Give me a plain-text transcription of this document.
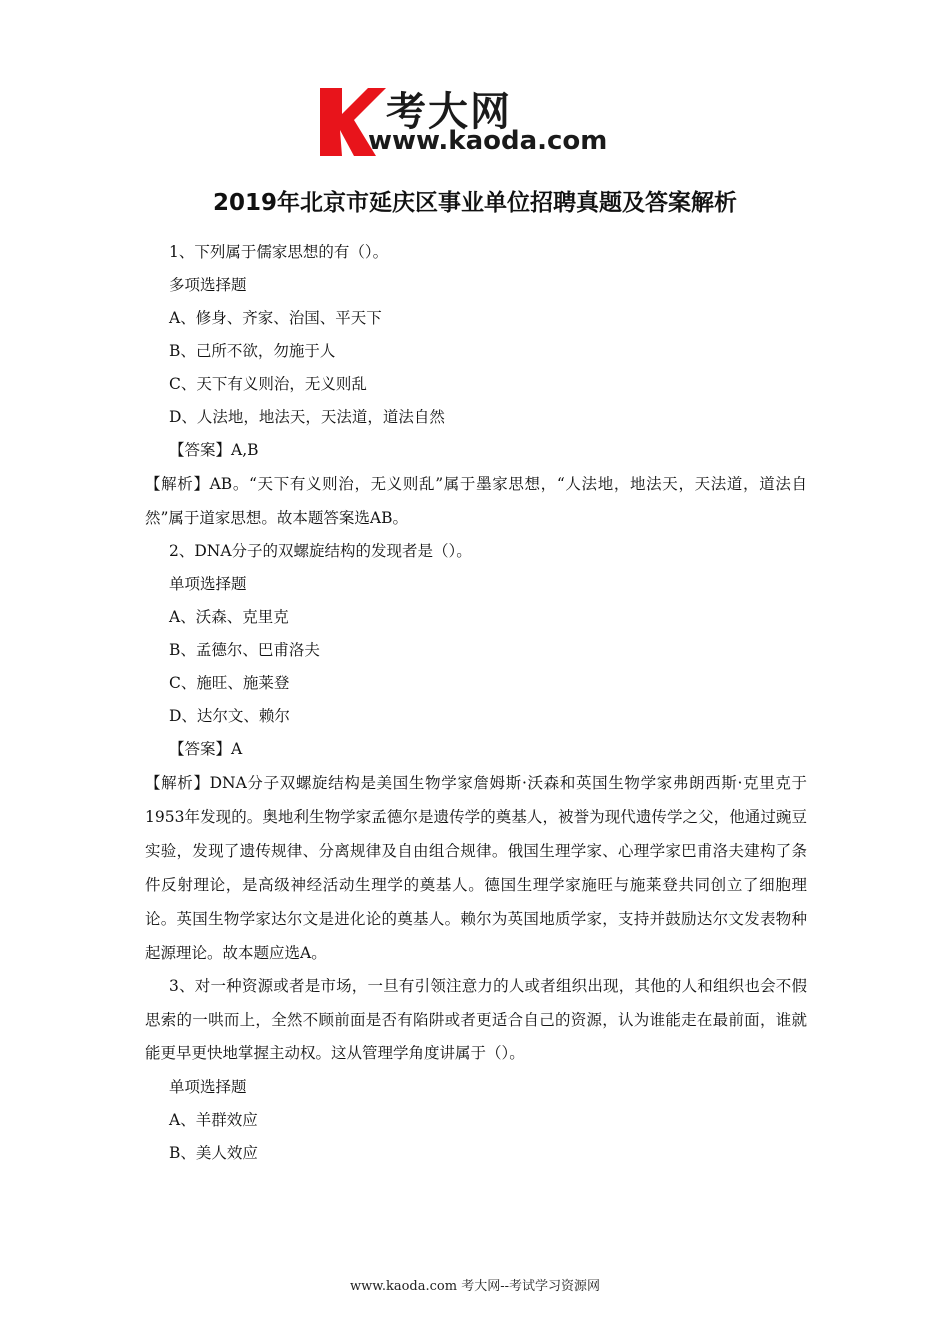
考大网
www.kaoda.com
2019年北京市延庆区事业单位招聘真题及答案解析

1、下列属于儒家思想的有（）。

多项选择题

A、修身、齐家、治国、平天下

B、己所不欲，勿施于人

C、天下有义则治，无义则乱

D、人法地，地法天，天法道，道法自然

【答案】A,B

【解析】AB。“天下有义则治，无义则乱”属于墨家思想，“人法地，地法天，天法道，道法自然”属于道家思想。故本题答案选AB。

2、DNA分子的双螺旋结构的发现者是（）。

单项选择题

A、沃森、克里克

B、孟德尔、巴甫洛夫

C、施旺、施莱登

D、达尔文、赖尔

【答案】A

【解析】DNA分子双螺旋结构是美国生物学家詹姆斯·沃森和英国生物学家弗朗西斯·克里克于1953年发现的。奥地利生物学家孟德尔是遗传学的奠基人，被誉为现代遗传学之父，他通过豌豆实验，发现了遗传规律、分离规律及自由组合规律。俄国生理学家、心理学家巴甫洛夫建构了条件反射理论，是高级神经活动生理学的奠基人。德国生理学家施旺与施莱登共同创立了细胞理论。英国生物学家达尔文是进化论的奠基人。赖尔为英国地质学家，支持并鼓励达尔文发表物种起源理论。故本题应选A。

3、对一种资源或者是市场，一旦有引领注意力的人或者组织出现，其他的人和组织也会不假思索的一哄而上，全然不顾前面是否有陷阱或者更适合自己的资源，认为谁能走在最前面，谁就能更早更快地掌握主动权。这从管理学角度讲属于（）。

单项选择题

A、羊群效应

B、美人效应

www.kaoda.com 考大网--考试学习资源网
